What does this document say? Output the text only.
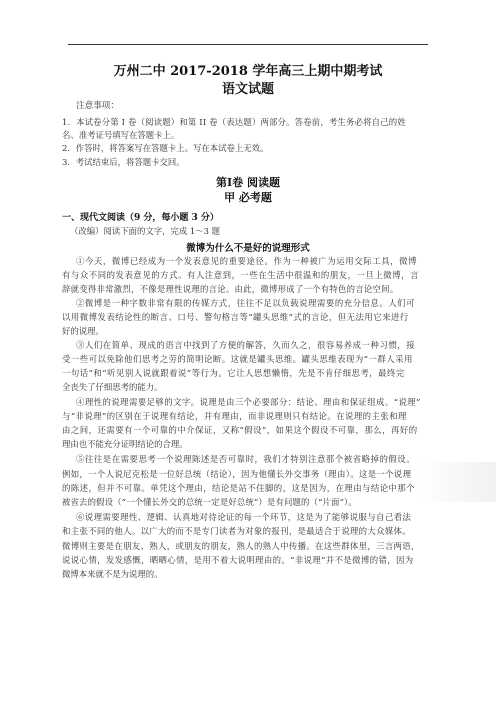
万州二中 2017-2018 学年高三上期中期考试
语文试题
注意事项：
1．本试卷分第 I 卷（阅读题）和第 II 卷（表达题）两部分。答卷前，考生务必将自己的姓
名、准考证号填写在答题卡上。
2．作答时，将答案写在答题卡上。写在本试卷上无效。
3．考试结束后，将答题卡交回。
第Ⅰ卷 阅读题
甲 必考题
一、现代文阅读（9 分，每小题 3 分）
（改编）阅读下面的文字，完成 1～3 题
微博为什么不是好的说理形式
①今天，微博已经成为一个发表意见的重要途径。作为一种被广为运用交际工具，微博
有与众不同的发表意见的方式。有人注意到，一些在生活中很温和的朋友，一旦上微博，言
辞就变得非常激烈，不像是理性说理的言论。由此，微博形成了一个有特色的言论空间。
②微博是一种字数非常有限的传媒方式，往往不足以负载说理需要的充分信息。人们可
以用微博发表结论性的断言、口号、警句格言等“罐头思维”式的言论，但无法用它来进行
好的说理。
③人们在简单、现成的语言中找到了方便的解答，久而久之，很容易养成一种习惯，接
受一些可以免除他们思考之劳的简明论断。这就是罐头思维。罐头思维表现为“一群人采用
一句话”和“听见别人说就跟着说”等行为。它让人思想懒惰，先是不肯仔细思考，最终完
全丧失了仔细思考的能力。
④理性的说理需要足够的文字。说理是由三个必要部分：结论、理由和保证组成。“说理”
与“非说理”的区别在于说理有结论，并有理由，而非说理则只有结论。在说理的主张和理
由之间，还需要有一个可靠的中介保证，又称“假设”，如果这个假设不可靠，那么，再好的
理由也不能充分证明结论的合理。
⑤往往是在需要思考一个说理陈述是否可靠时，我们才特别注意那个被省略掉的假设。
例如，一个人说尼克松是一位好总统（结论），因为他懂长外交事务（理由）。这是一个说理
的陈述，但并不可靠。单凭这个理由，结论是站不住脚的，这是因为，在理由与结论中那个
被省去的假设（“一个懂长外交的总统一定是好总统”）是有问题的（“片面”）。
⑥说理需要理性、逻辑、认真地对待论证的每一个环节，这是为了能够说服与自己看法
和主张不同的他人。以广大的而不是专门读者为对象的报刊，是最适合于说理的大众媒体。
微博则主要是在朋友、熟人，或朋友的朋友，熟人的熟人中传播。在这些群体里，三言两语，
说说心情，发发感慨，晒晒心情，是用不着大说明理由的。“非说理”并不是微博的错，因为
微博本来就不是为说理的。
